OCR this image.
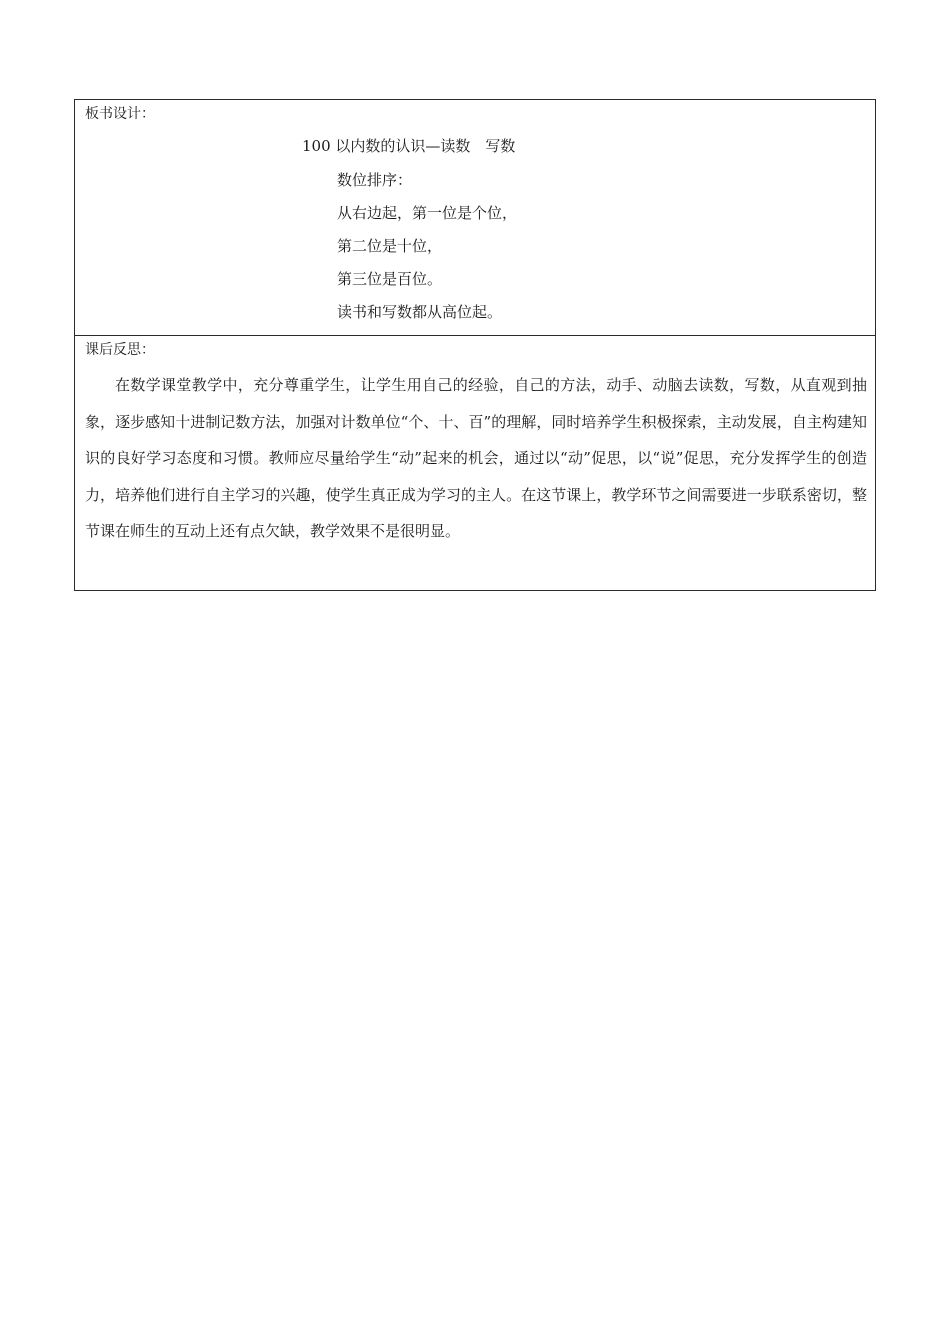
板书设计：
100 以内数的认识—读数　写数
数位排序：
从右边起，第一位是个位，
第二位是十位，
第三位是百位。
读书和写数都从高位起。
课后反思：

在数学课堂教学中，充分尊重学生，让学生用自己的经验，自己的方法，动手、动脑去读数，写数，从直观到抽象，逐步感知十进制记数方法，加强对计数单位“个、十、百”的理解，同时培养学生积极探索，主动发展，自主构建知识的良好学习态度和习惯。教师应尽量给学生“动”起来的机会，通过以“动”促思，以“说”促思，充分发挥学生的创造力，培养他们进行自主学习的兴趣，使学生真正成为学习的主人。在这节课上，教学环节之间需要进一步联系密切，整节课在师生的互动上还有点欠缺，教学效果不是很明显。
